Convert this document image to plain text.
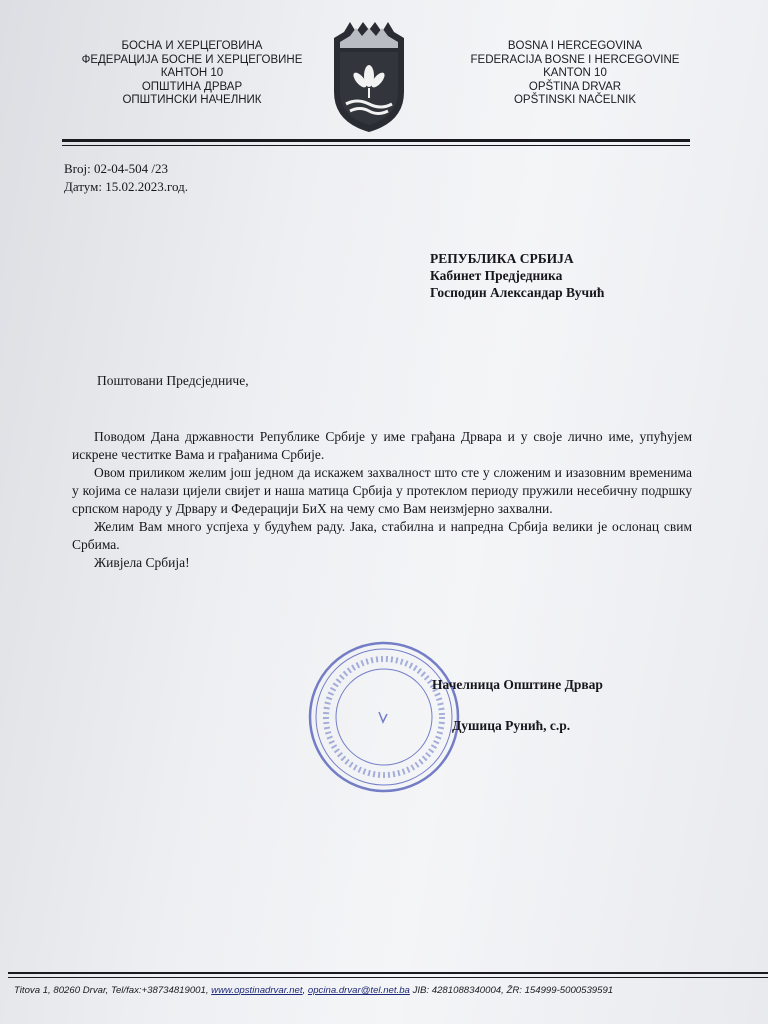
БОСНА И ХЕРЦЕГОВИНА
ФЕДЕРАЦИЈА БОСНЕ И ХЕРЦЕГОВИНЕ
КАНТОН 10
ОПШТИНА ДРВАР
ОПШТИНСКИ НАЧЕЛНИК
BOSNA I HERCEGOVINA
FEDERACIJA BOSNE I HERCEGOVINE
KANTON 10
OPŠTINA DRVAR
OPŠTINSKI NAČELNIK
Broj: 02-04-504 /23
Датум: 15.02.2023.год.
РЕПУБЛИКА СРБИЈА
Кабинет Предједника
Господин Александар Вучић
Поштовани Предсједниче,

Поводом Дана државности Републике Србије у име грађана Дрвара и у своје лично име, упућујем искрене честитке Вама и грађанима Србије.

Овом приликом желим још једном да искажем захвалност што сте у сложеним и изазовним временима у којима се налази цијели свијет и наша матица Србија у протеклом периоду пружили несебичну подршку српском народу у Дрвару и Федерацији БиХ на чему смо Вам неизмјерно захвални.

Желим Вам много успјеха у будућем раду. Јака, стабилна и напредна Србија велики је ослонац свим Србима.

Живјела Србија!

Начелница Општине Дрвар
Душица Руниħ, с.р.
Titova 1, 80260 Drvar, Tel/fax:+38734819001, www.opstinadrvar.net, opcina.drvar@tel.net.ba JIB: 4281088340004, ŽR: 154999-5000539591
